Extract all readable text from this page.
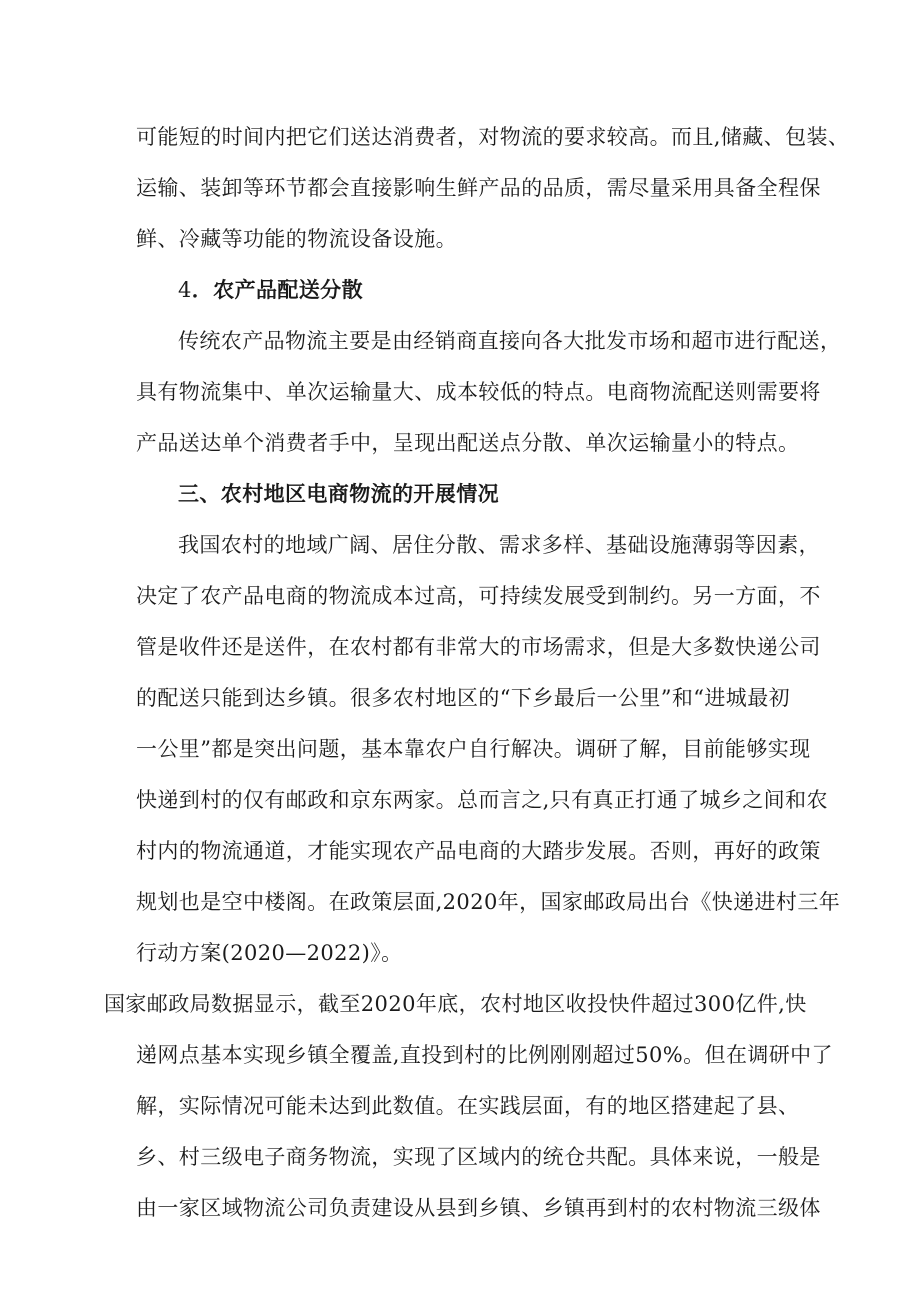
可能短的时间内把它们送达消费者，对物流的要求较高。而且,储藏、包装、
运输、装卸等环节都会直接影响生鲜产品的品质，需尽量采用具备全程保
鲜、冷藏等功能的物流设备设施。

4．农产品配送分散

传统农产品物流主要是由经销商直接向各大批发市场和超市进行配送，
具有物流集中、单次运输量大、成本较低的特点。电商物流配送则需要将
产品送达单个消费者手中，呈现出配送点分散、单次运输量小的特点。

三、农村地区电商物流的开展情况

我国农村的地域广阔、居住分散、需求多样、基础设施薄弱等因素，
决定了农产品电商的物流成本过高，可持续发展受到制约。另一方面，不
管是收件还是送件，在农村都有非常大的市场需求，但是大多数快递公司
的配送只能到达乡镇。很多农村地区的“下乡最后一公里”和“进城最初
一公里”都是突出问题，基本靠农户自行解决。调研了解，目前能够实现
快递到村的仅有邮政和京东两家。总而言之,只有真正打通了城乡之间和农
村内的物流通道，才能实现农产品电商的大踏步发展。否则，再好的政策
规划也是空中楼阁。在政策层面,2020年，国家邮政局出台《快递进村三年
行动方案(2020—2022)》。

国家邮政局数据显示，截至2020年底，农村地区收投快件超过300亿件,快
递网点基本实现乡镇全覆盖,直投到村的比例刚刚超过50%。但在调研中了
解，实际情况可能未达到此数值。在实践层面，有的地区搭建起了县、
乡、村三级电子商务物流，实现了区域内的统仓共配。具体来说，一般是
由一家区域物流公司负责建设从县到乡镇、乡镇再到村的农村物流三级体
